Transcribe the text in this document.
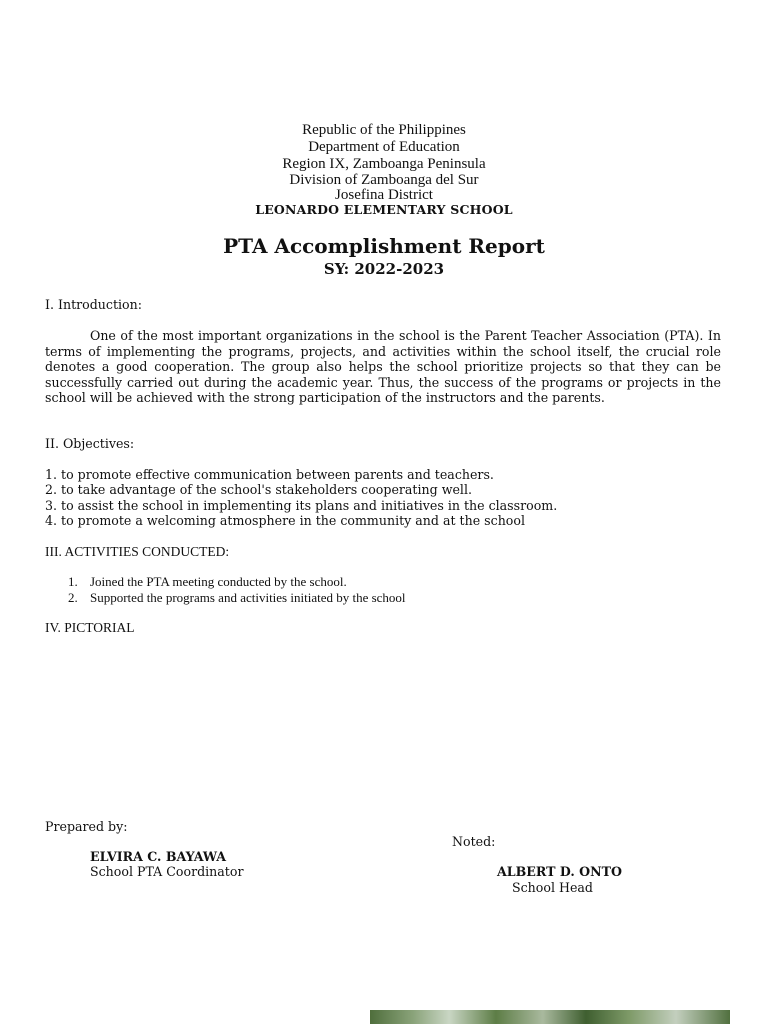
Republic of the Philippines
Department of Education
Region IX, Zamboanga Peninsula
Division of Zamboanga del Sur
Josefina District
LEONARDO ELEMENTARY SCHOOL
PTA Accomplishment Report
SY: 2022-2023
I. Introduction:
One of the most important organizations in the school is the Parent Teacher Association (PTA). In terms of implementing the programs, projects, and activities within the school itself, the crucial role denotes a good cooperation. The group also helps the school prioritize projects so that they can be successfully carried out during the academic year. Thus, the success of the programs or projects in the school will be achieved with the strong participation of the instructors and the parents.
II. Objectives:
1. to promote effective communication between parents and teachers.
2. to take advantage of the school's stakeholders cooperating well.
3. to assist the school in implementing its plans and initiatives in the classroom.
4. to promote a welcoming atmosphere in the community and at the school
III. ACTIVITIES CONDUCTED:
1. Joined the PTA meeting conducted by the school.
2. Supported the programs and activities initiated by the school
IV. PICTORIAL
Prepared by:
Noted:
ELVIRA C. BAYAWA
School PTA Coordinator	ALBERT D. ONTO
School Head
